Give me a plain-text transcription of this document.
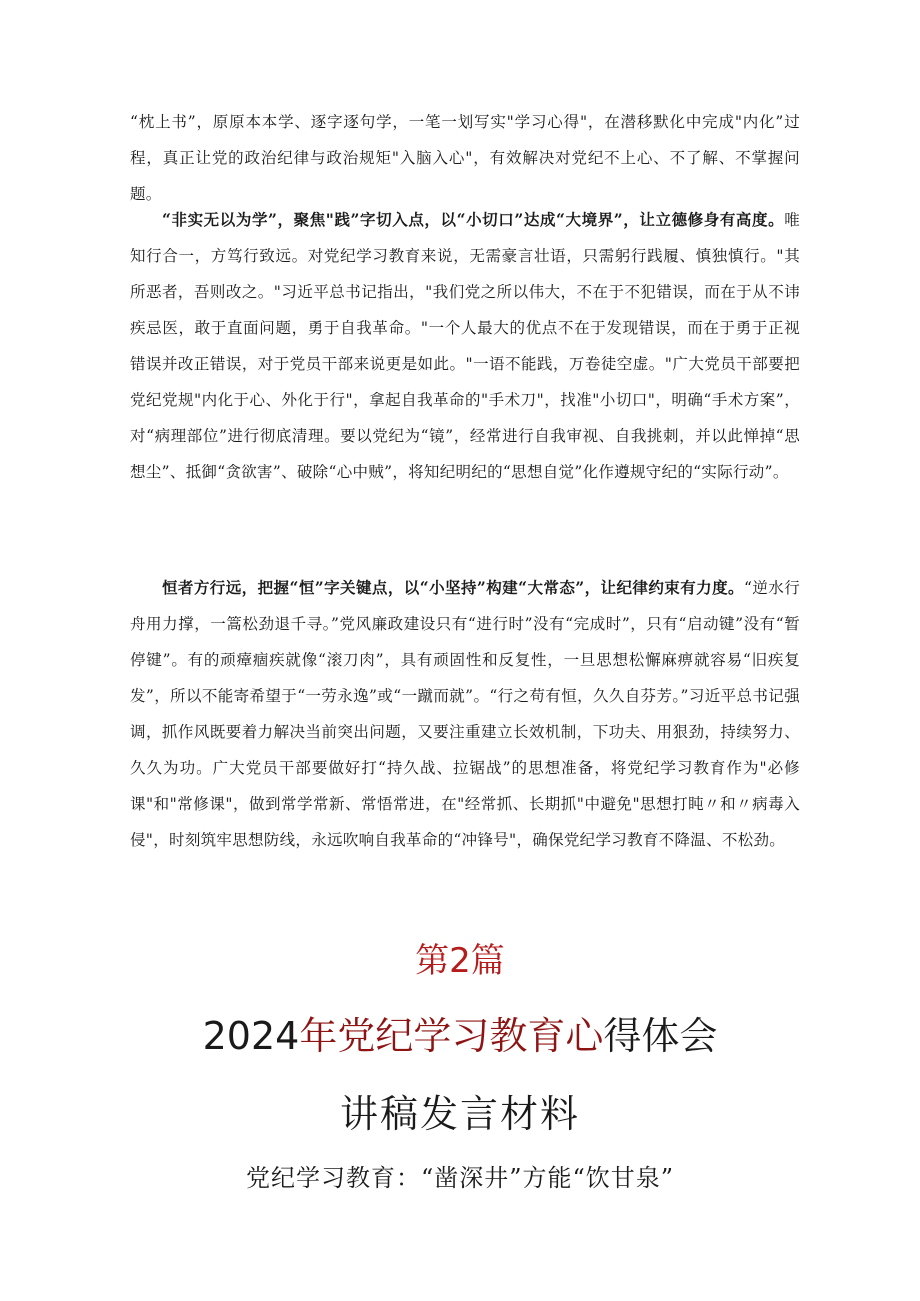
“枕上书”，原原本本学、逐字逐句学，一笔一划写实"学习心得"，在潜移默化中完成"内化”过程，真正让党的政治纪律与政治规矩"入脑入心"，有效解决对党纪不上心、不了解、不掌握问题。
“非实无以为学”，聚焦"践”字切入点，以“小切口”达成“大境界”，让立德修身有高度。唯知行合一，方笃行致远。对党纪学习教育来说，无需豪言壮语，只需躬行践履、慎独慎行。"其所恶者，吾则改之。"习近平总书记指出，"我们党之所以伟大，不在于不犯错误，而在于从不讳疾忌医，敢于直面问题，勇于自我革命。"一个人最大的优点不在于发现错误，而在于勇于正视错误并改正错误，对于党员干部来说更是如此。"一语不能践，万卷徒空虚。"广大党员干部要把党纪党规"内化于心、外化于行"，拿起自我革命的"手术刀"，找准"小切口"，明确“手术方案”，对“病理部位”进行彻底清理。要以党纪为“镜”，经常进行自我审视、自我挑刺，并以此惮掉“思想尘”、抵御“贪欲害”、破除“心中贼”，将知纪明纪的“思想自觉”化作遵规守纪的“实际行动”。
恒者方行远，把握“恒”字关键点，以“小坚持”构建“大常态”，让纪律约束有力度。“逆水行舟用力撑，一篙松劲退千寻。”党风廉政建设只有“进行时”没有“完成时”，只有“启动键”没有“暂停键”。有的顽瘴痼疾就像“滚刀肉”，具有顽固性和反复性，一旦思想松懈麻痹就容易“旧疾复发”，所以不能寄希望于“一劳永逸”或“一蹴而就”。“行之苟有恒，久久自芬芳。”习近平总书记强调，抓作风既要着力解决当前突出问题，又要注重建立长效机制，下功夫、用狠劲，持续努力、久久为功。广大党员干部要做好打“持久战、拉锯战”的思想准备，将党纪学习教育作为"必修课"和"常修课"，做到常学常新、常悟常进，在"经常抓、长期抓"中避免"思想打盹〃和〃病毒入侵"，时刻筑牢思想防线，永远吹响自我革命的“冲锋号"，确保党纪学习教育不降温、不松劲。
第2篇
2024年党纪学习教育心得体会
讲稿发言材料
党纪学习教育：“凿深井”方能“饮甘泉”
